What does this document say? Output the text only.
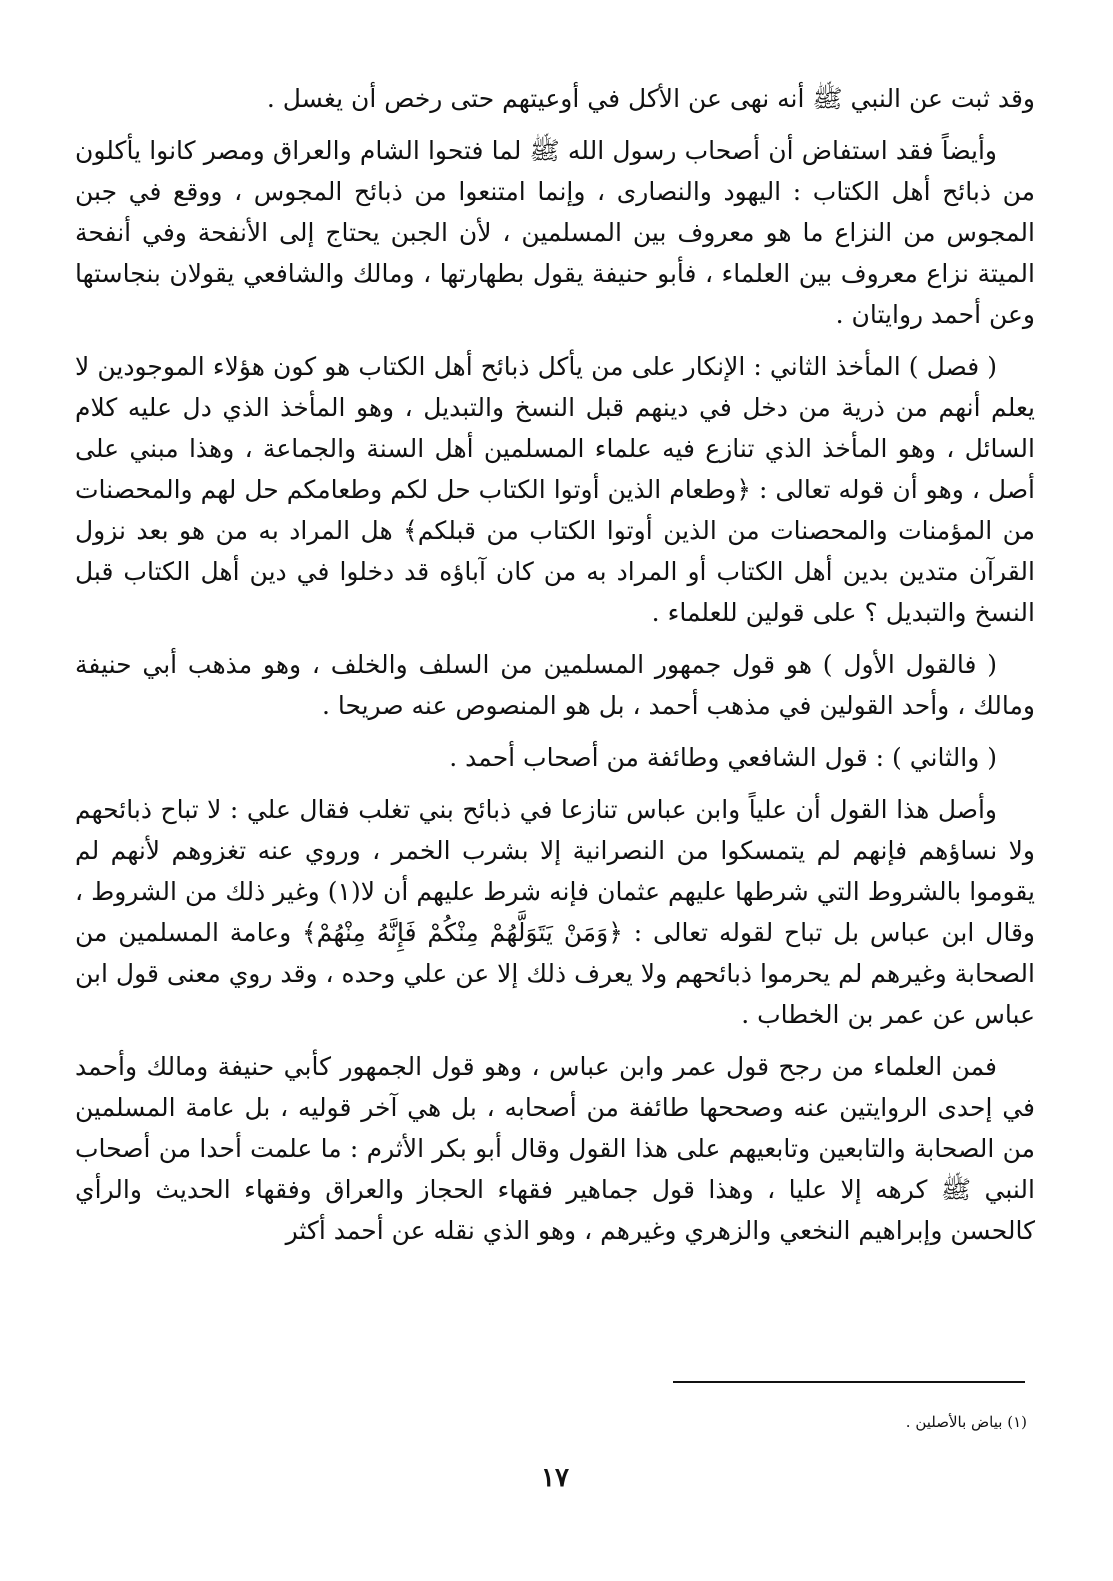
وقد ثبت عن النبي ﷺ أنه نهى عن الأكل في أوعيتهم حتى رخص أن يغسل .

وأيضاً فقد استفاض أن أصحاب رسول الله ﷺ لما فتحوا الشام والعراق ومصر كانوا يأكلون من ذبائح أهل الكتاب : اليهود والنصارى ، وإنما امتنعوا من ذبائح المجوس ، ووقع في جبن المجوس من النزاع ما هو معروف بين المسلمين ، لأن الجبن يحتاج إلى الأنفحة وفي أنفحة الميتة نزاع معروف بين العلماء ، فأبو حنيفة يقول بطهارتها ، ومالك والشافعي يقولان بنجاستها وعن أحمد روايتان .

( فصل ) المأخذ الثاني : الإنكار على من يأكل ذبائح أهل الكتاب هو كون هؤلاء الموجودين لا يعلم أنهم من ذرية من دخل في دينهم قبل النسخ والتبديل ، وهو المأخذ الذي دل عليه كلام السائل ، وهو المأخذ الذي تنازع فيه علماء المسلمين أهل السنة والجماعة ، وهذا مبني على أصل ، وهو أن قوله تعالى : ﴿وطعام الذين أوتوا الكتاب حل لكم وطعامكم حل لهم والمحصنات من المؤمنات والمحصنات من الذين أوتوا الكتاب من قبلكم﴾ هل المراد به من هو بعد نزول القرآن متدين بدين أهل الكتاب أو المراد به من كان آباؤه قد دخلوا في دين أهل الكتاب قبل النسخ والتبديل ؟ على قولين للعلماء .

( فالقول الأول ) هو قول جمهور المسلمين من السلف والخلف ، وهو مذهب أبي حنيفة ومالك ، وأحد القولين في مذهب أحمد ، بل هو المنصوص عنه صريحا .

( والثاني ) : قول الشافعي وطائفة من أصحاب أحمد .

وأصل هذا القول أن علياً وابن عباس تنازعا في ذبائح بني تغلب فقال علي : لا تباح ذبائحهم ولا نساؤهم فإنهم لم يتمسكوا من النصرانية إلا بشرب الخمر ، وروي عنه تغزوهم لأنهم لم يقوموا بالشروط التي شرطها عليهم عثمان فإنه شرط عليهم أن لا(١) وغير ذلك من الشروط ، وقال ابن عباس بل تباح لقوله تعالى : ﴿وَمَنْ يَتَوَلَّهُمْ مِنْكُمْ فَإِنَّهُ مِنْهُمْ﴾ وعامة المسلمين من الصحابة وغيرهم لم يحرموا ذبائحهم ولا يعرف ذلك إلا عن علي وحده ، وقد روي معنى قول ابن عباس عن عمر بن الخطاب .

فمن العلماء من رجح قول عمر وابن عباس ، وهو قول الجمهور كأبي حنيفة ومالك وأحمد في إحدى الروايتين عنه وصححها طائفة من أصحابه ، بل هي آخر قوليه ، بل عامة المسلمين من الصحابة والتابعين وتابعيهم على هذا القول وقال أبو بكر الأثرم : ما علمت أحدا من أصحاب النبي ﷺ كرهه إلا عليا ، وهذا قول جماهير فقهاء الحجاز والعراق وفقهاء الحديث والرأي كالحسن وإبراهيم النخعي والزهري وغيرهم ، وهو الذي نقله عن أحمد أكثر

(١) بياض بالأصلين .
١٧
